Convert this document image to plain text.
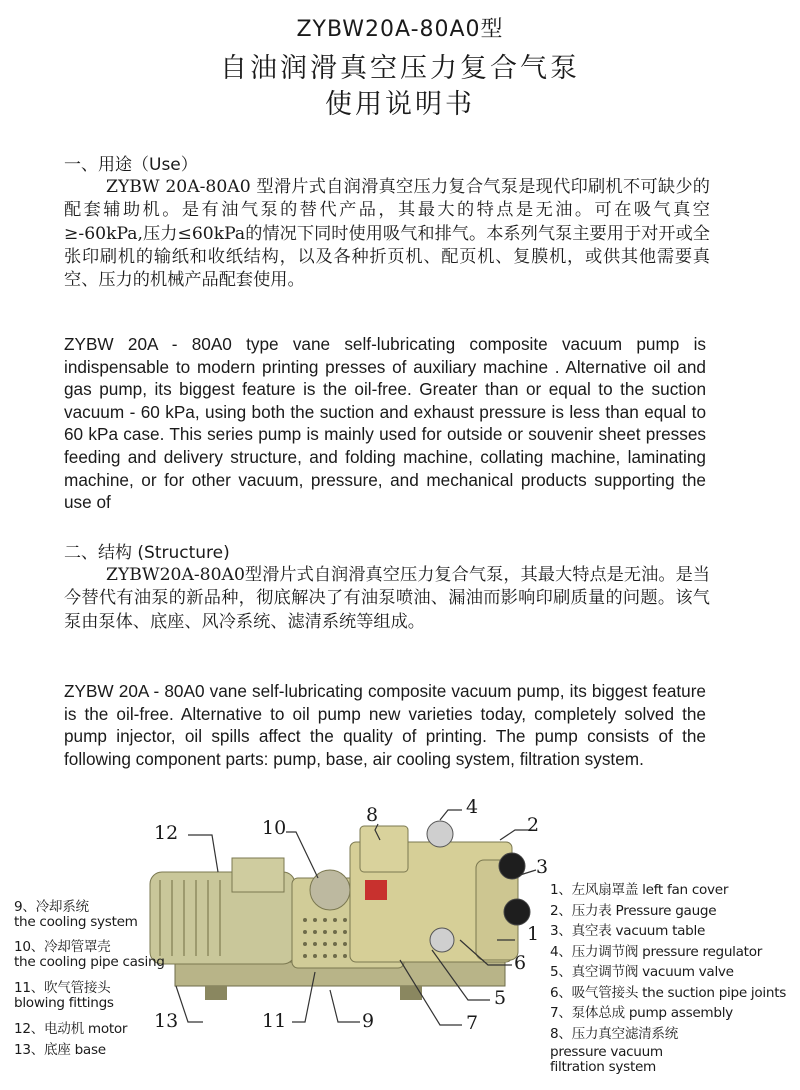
ZYBW20A-80A0型
自油润滑真空压力复合气泵
使用说明书
一、用途（Use）

ZYBW 20A-80A0 型滑片式自润滑真空压力复合气泵是现代印刷机不可缺少的配套辅助机。是有油气泵的替代产品，其最大的特点是无油。可在吸气真空≥-60kPa,压力≤60kPa的情况下同时使用吸气和排气。本系列气泵主要用于对开或全张印刷机的输纸和收纸结构，以及各种折页机、配页机、复膜机，或供其他需要真空、压力的机械产品配套使用。

ZYBW 20A - 80A0 type vane self-lubricating composite vacuum pump is indispensable to modern printing presses of auxiliary machine . Alternative oil and gas pump, its biggest feature is the oil-free. Greater than or equal to the suction vacuum - 60 kPa, using both the suction and exhaust pressure is less than equal to 60 kPa case. This series pump is mainly used for outside or souvenir sheet presses feeding and delivery structure, and folding machine, collating machine, laminating machine, or for other vacuum, pressure, and mechanical products supporting the use of

二、结构 (Structure)

ZYBW20A-80A0型滑片式自润滑真空压力复合气泵，其最大特点是无油。是当今替代有油泵的新品种，彻底解决了有油泵喷油、漏油而影响印刷质量的问题。该气泵由泵体、底座、风冷系统、滤清系统等组成。

ZYBW 20A - 80A0 vane self-lubricating composite vacuum pump, its biggest feature is the oil-free. Alternative to oil pump new varieties today, completely solved the pump injector, oil spills affect the quality of printing. The pump consists of the following component parts: pump, base, air cooling system, filtration system.

1
2
3
4
5
6
7
8
9
10
11
12
13
9、冷却系统
the cooling system
10、冷却管罩壳
the cooling pipe casing
11、吹气管接头
blowing fittings
12、电动机 motor
13、底座 base
1、左风扇罩盖 left fan cover
2、压力表 Pressure gauge
3、真空表 vacuum table
4、压力调节阀 pressure regulator
5、真空调节阀 vacuum valve
6、吸气管接头 the suction pipe joints
7、泵体总成 pump assembly
8、压力真空滤清系统
pressure vacuum filtration system
